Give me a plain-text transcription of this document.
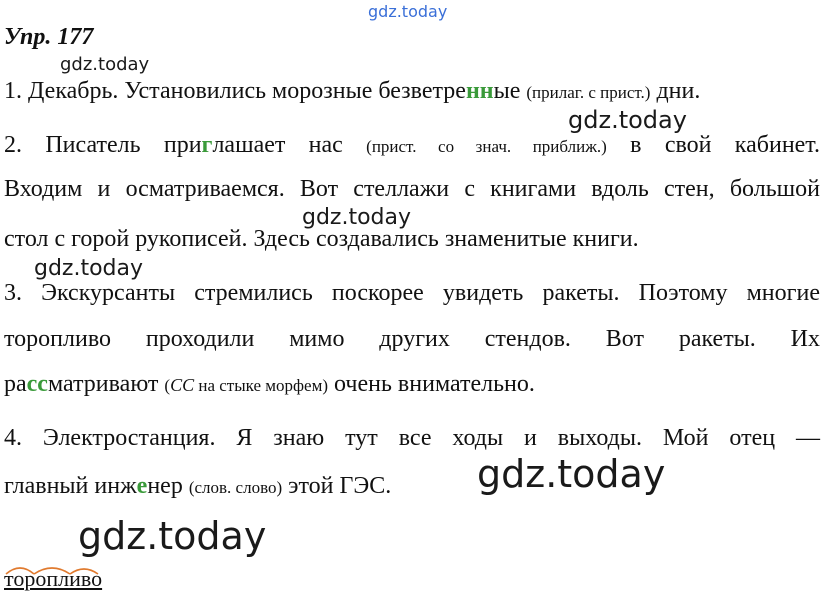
gdz.today
gdz.today
gdz.today
gdz.today
gdz.today
gdz.today
gdz.today
Упр. 177
1. Декабрь. Установились морозные безветренные (прилаг. с прист.) дни.
2. Писатель приглашает нас (прист. со знач. приближ.) в свой кабинет.
Входим и осматриваемся. Вот стеллажи с книгами вдоль стен, большой
стол с горой рукописей. Здесь создавались знаменитые книги.
3. Экскурсанты стремились поскорее увидеть ракеты. Поэтому многие
торопливо проходили мимо других стендов. Вот ракеты. Их
рассматривают (СС на стыке морфем) очень внимательно.
4. Электростанция. Я знаю тут все ходы и выходы. Мой отец —
главный инженер (слов. слово) этой ГЭС.
торопливо
